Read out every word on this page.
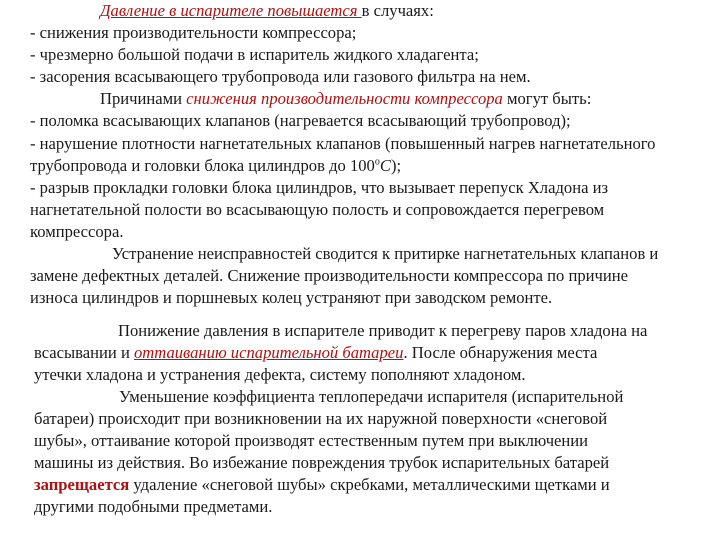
Давление в испарителе повышается в случаях:
- снижения производительности компрессора;
- чрезмерно большой подачи в испаритель жидкого хладагента;
- засорения всасывающего трубопровода или газового фильтра на нем.
Причинами снижения производительности компрессора могут быть:
- поломка всасывающих клапанов (нагревается всасывающий трубопровод);
- нарушение плотности нагнетательных клапанов (повышенный нагрев нагнетательного
трубопровода и головки блока цилиндров до $100^оС$);
- разрыв прокладки головки блока цилиндров, что вызывает перепуск Хладона из
нагнетательной полости во всасывающую полость и сопровождается перегревом
компрессора.
Устранение неисправностей сводится к притирке нагнетательных клапанов и
замене дефектных деталей. Снижение производительности компрессора по причине
износа цилиндров и поршневых колец устраняют при заводском ремонте.
Понижение давления в испарителе приводит к перегреву паров хладона на
всасывании и оттаиванию испарительной батареи. После обнаружения места
утечки хладона и устранения дефекта, систему пополняют хладоном.
Уменьшение коэффициента теплопередачи испарителя (испарительной
батареи) происходит при возникновении на их наружной поверхности «снеговой
шубы», оттаивание которой производят естественным путем при выключении
машины из действия. Во избежание повреждения трубок испарительных батарей
запрещается удаление «снеговой шубы» скребками, металлическими щетками и
другими подобными предметами.
